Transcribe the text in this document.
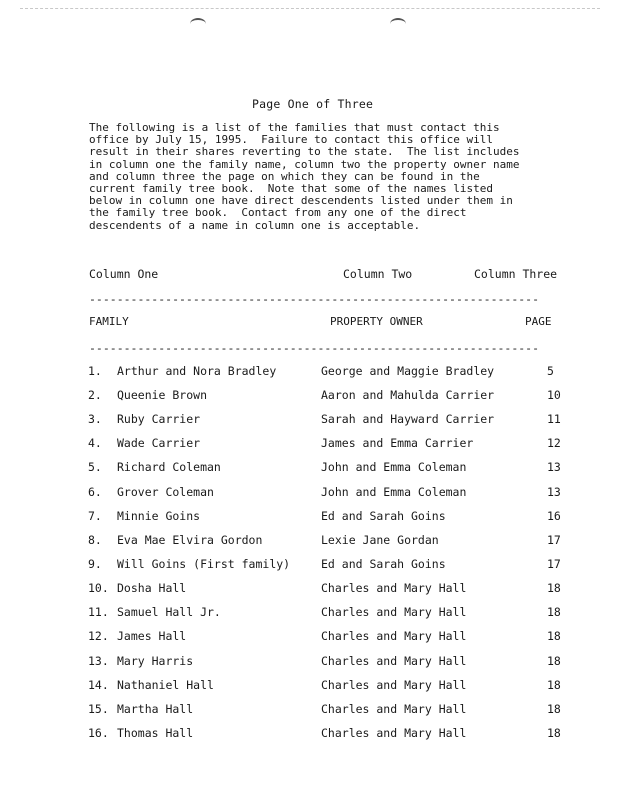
Page One of Three
The following is a list of the families that must contact this
office by July 15, 1995.  Failure to contact this office will
result in their shares reverting to the state.  The list includes
in column one the family name, column two the property owner name
and column three the page on which they can be found in the
current family tree book.  Note that some of the names listed
below in column one have direct descendents listed under them in
the family tree book.  Contact from any one of the direct
descendents of a name in column one is acceptable.
Column One	Column Two	Column Three
-----------------------------------------------------------------
FAMILY	PROPERTY OWNER	PAGE
-----------------------------------------------------------------
1. Arthur and Nora Bradley	George and Maggie Bradley	5
2. Queenie Brown	Aaron and Mahulda Carrier	10
3. Ruby Carrier	Sarah and Hayward Carrier	11
4. Wade Carrier	James and Emma Carrier	12
5. Richard Coleman	John and Emma Coleman	13
6. Grover Coleman	John and Emma Coleman	13
7. Minnie Goins	Ed and Sarah Goins	16
8. Eva Mae Elvira Gordon	Lexie Jane Gordan	17
9. Will Goins (First family)	Ed and Sarah Goins	17
10. Dosha Hall	Charles and Mary Hall	18
11. Samuel Hall Jr.	Charles and Mary Hall	18
12. James Hall	Charles and Mary Hall	18
13. Mary Harris	Charles and Mary Hall	18
14. Nathaniel Hall	Charles and Mary Hall	18
15. Martha Hall	Charles and Mary Hall	18
16. Thomas Hall	Charles and Mary Hall	18
